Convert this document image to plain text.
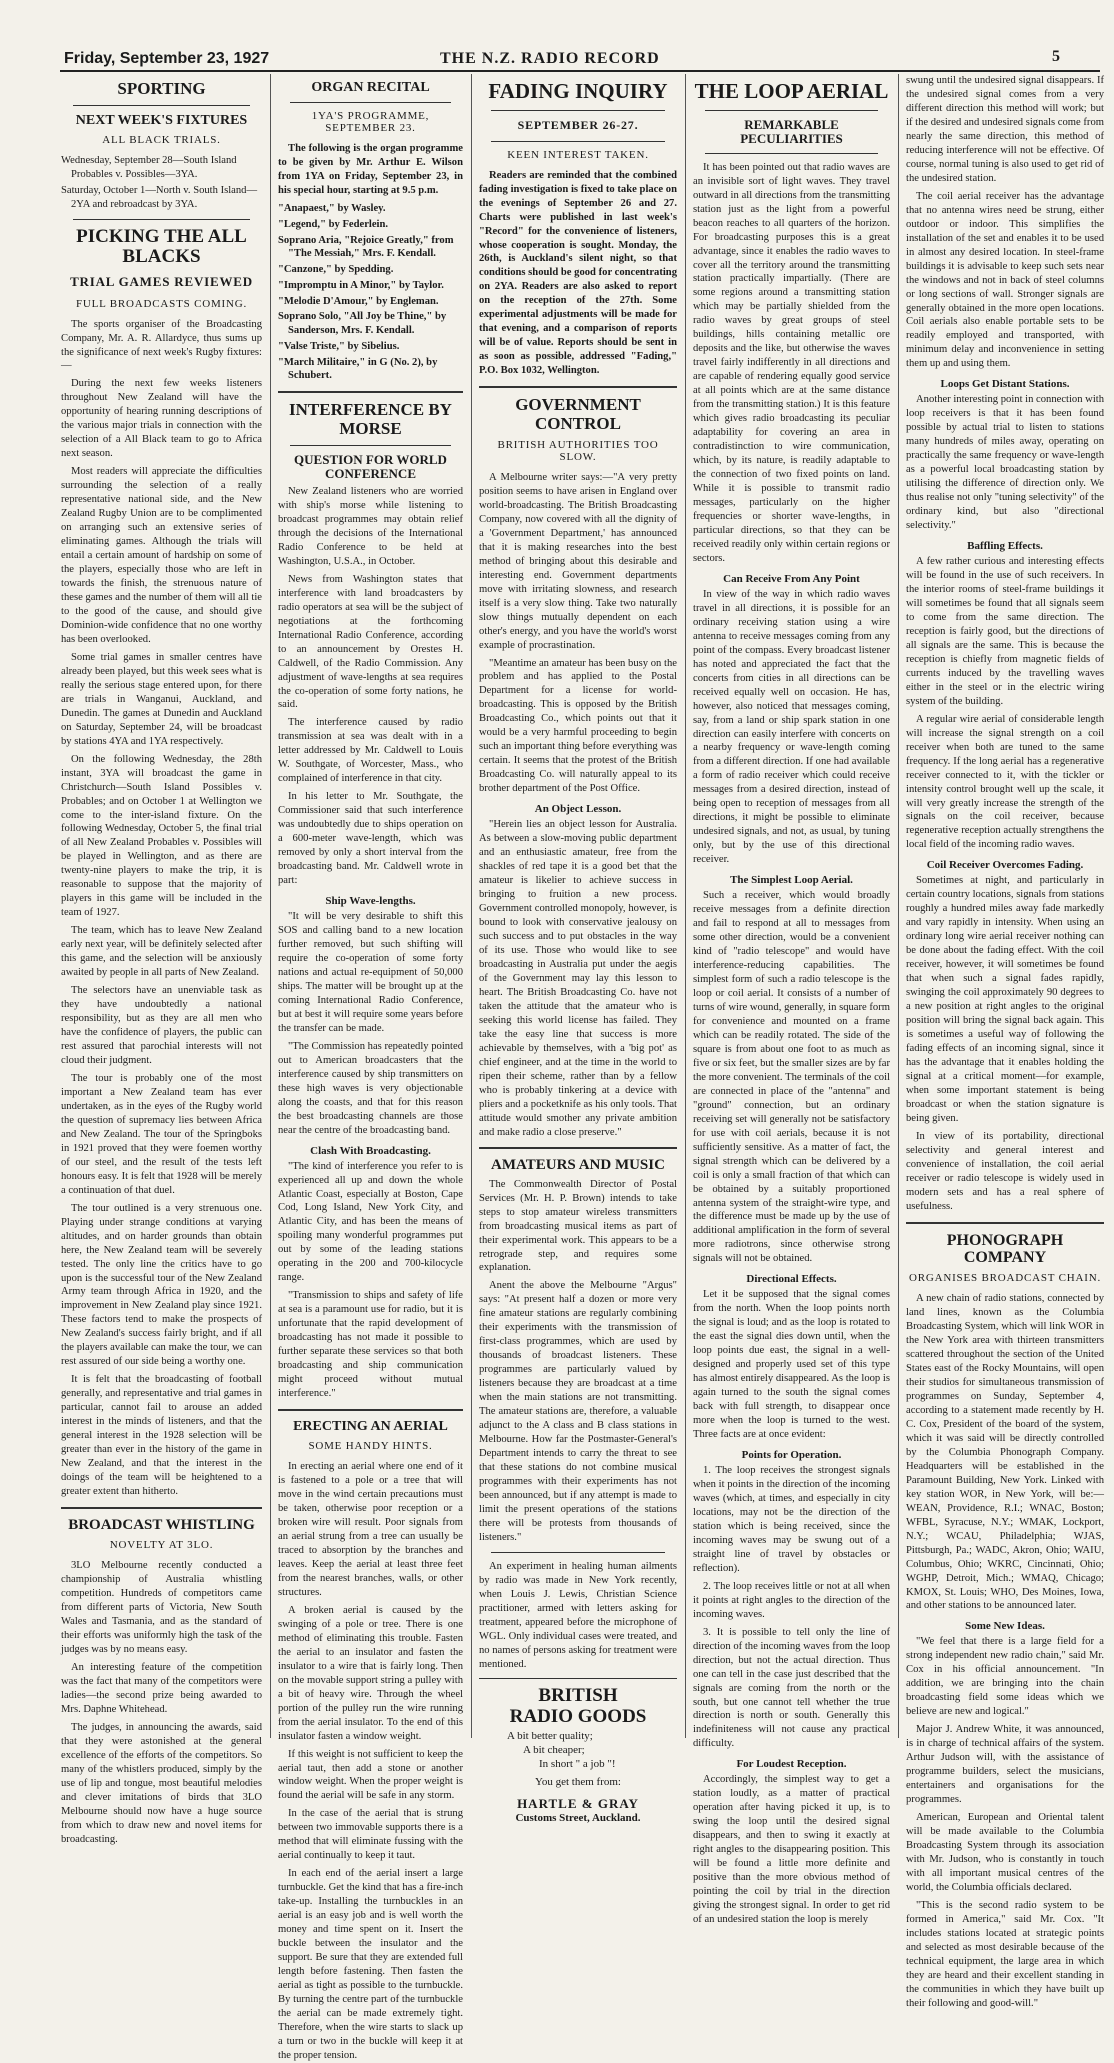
Friday, September 23, 1927	THE N.Z. RADIO RECORD	5
SPORTING
NEXT WEEK'S FIXTURES
ALL BLACK TRIALS.
Wednesday, September 28—South Island Probables v. Possibles—3YA.
Saturday, October 1—North v. South Island—2YA and rebroadcast by 3YA.
PICKING THE ALL BLACKS
TRIAL GAMES REVIEWED
FULL BROADCASTS COMING.

The sports organiser of the Broadcasting Company, Mr. A. R. Allardyce, thus sums up the significance of next week's Rugby fixtures:—

During the next few weeks listeners throughout New Zealand will have the opportunity of hearing running descriptions of the various major trials in connection with the selection of a All Black team to go to Africa next season.

Most readers will appreciate the difficulties surrounding the selection of a really representative national side, and the New Zealand Rugby Union are to be complimented on arranging such an extensive series of eliminating games. Although the trials will entail a certain amount of hardship on some of the players, especially those who are left in towards the finish, the strenuous nature of these games and the number of them will all tie to the good of the cause, and should give Dominion-wide confidence that no one worthy has been overlooked.

Some trial games in smaller centres have already been played, but this week sees what is really the serious stage entered upon, for there are trials in Wanganui, Auckland, and Dunedin. The games at Dunedin and Auckland on Saturday, September 24, will be broadcast by stations 4YA and 1YA respectively.

On the following Wednesday, the 28th instant, 3YA will broadcast the game in Christchurch—South Island Possibles v. Probables; and on October 1 at Wellington we come to the inter-island fixture. On the following Wednesday, October 5, the final trial of all New Zealand Probables v. Possibles will be played in Wellington, and as there are twenty-nine players to make the trip, it is reasonable to suppose that the majority of players in this game will be included in the team of 1927.

The team, which has to leave New Zealand early next year, will be definitely selected after this game, and the selection will be anxiously awaited by people in all parts of New Zealand.

The selectors have an unenviable task as they have undoubtedly a national responsibility, but as they are all men who have the confidence of players, the public can rest assured that parochial interests will not cloud their judgment.

The tour is probably one of the most important a New Zealand team has ever undertaken, as in the eyes of the Rugby world the question of supremacy lies between Africa and New Zealand. The tour of the Springboks in 1921 proved that they were foemen worthy of our steel, and the result of the tests left honours easy. It is felt that 1928 will be merely a continuation of that duel.

The tour outlined is a very strenuous one. Playing under strange conditions at varying altitudes, and on harder grounds than obtain here, the New Zealand team will be severely tested. The only line the critics have to go upon is the successful tour of the New Zealand Army team through Africa in 1920, and the improvement in New Zealand play since 1921. These factors tend to make the prospects of New Zealand's success fairly bright, and if all the players available can make the tour, we can rest assured of our side being a worthy one.

It is felt that the broadcasting of football generally, and representative and trial games in particular, cannot fail to arouse an added interest in the minds of listeners, and that the general interest in the 1928 selection will be greater than ever in the history of the game in New Zealand, and that the interest in the doings of the team will be heightened to a greater extent than hitherto.

BROADCAST WHISTLING
NOVELTY AT 3LO.

3LO Melbourne recently conducted a championship of Australia whistling competition. Hundreds of competitors came from different parts of Victoria, New South Wales and Tasmania, and as the standard of their efforts was uniformly high the task of the judges was by no means easy.

An interesting feature of the competition was the fact that many of the competitors were ladies—the second prize being awarded to Mrs. Daphne Whitehead.

The judges, in announcing the awards, said that they were astonished at the general excellence of the efforts of the competitors. So many of the whistlers produced, simply by the use of lip and tongue, most beautiful melodies and clever imitations of birds that 3LO Melbourne should now have a huge source from which to draw new and novel items for broadcasting.

ORGAN RECITAL
1YA'S PROGRAMME, SEPTEMBER 23.

The following is the organ programme to be given by Mr. Arthur E. Wilson from 1YA on Friday, September 23, in his special hour, starting at 9.5 p.m.

"Anapaest," by Wasley.
"Legend," by Federlein.
Soprano Aria, "Rejoice Greatly," from "The Messiah," Mrs. F. Kendall.
"Canzone," by Spedding.
"Impromptu in A Minor," by Taylor.
"Melodie D'Amour," by Engleman.
Soprano Solo, "All Joy be Thine," by Sanderson, Mrs. F. Kendall.
"Valse Triste," by Sibelius.
"March Militaire," in G (No. 2), by Schubert.
INTERFERENCE BY MORSE
QUESTION FOR WORLD CONFERENCE

New Zealand listeners who are worried with ship's morse while listening to broadcast programmes may obtain relief through the decisions of the International Radio Conference to be held at Washington, U.S.A., in October.

News from Washington states that interference with land broadcasters by radio operators at sea will be the subject of negotiations at the forthcoming International Radio Conference, according to an announcement by Orestes H. Caldwell, of the Radio Commission. Any adjustment of wave-lengths at sea requires the co-operation of some forty nations, he said.

The interference caused by radio transmission at sea was dealt with in a letter addressed by Mr. Caldwell to Louis W. Southgate, of Worcester, Mass., who complained of interference in that city.

In his letter to Mr. Southgate, the Commissioner said that such interference was undoubtedly due to ships operation on a 600-meter wave-length, which was removed by only a short interval from the broadcasting band. Mr. Caldwell wrote in part:

Ship Wave-lengths.

"It will be very desirable to shift this SOS and calling band to a new location further removed, but such shifting will require the co-operation of some forty nations and actual re-equipment of 50,000 ships. The matter will be brought up at the coming International Radio Conference, but at best it will require some years before the transfer can be made.

"The Commission has repeatedly pointed out to American broadcasters that the interference caused by ship transmitters on these high waves is very objectionable along the coasts, and that for this reason the best broadcasting channels are those near the centre of the broadcasting band.

Clash With Broadcasting.

"The kind of interference you refer to is experienced all up and down the whole Atlantic Coast, especially at Boston, Cape Cod, Long Island, New York City, and Atlantic City, and has been the means of spoiling many wonderful programmes put out by some of the leading stations operating in the 200 and 700-kilocycle range.

"Transmission to ships and safety of life at sea is a paramount use for radio, but it is unfortunate that the rapid development of broadcasting has not made it possible to further separate these services so that both broadcasting and ship communication might proceed without mutual interference."

ERECTING AN AERIAL
SOME HANDY HINTS.

In erecting an aerial where one end of it is fastened to a pole or a tree that will move in the wind certain precautions must be taken, otherwise poor reception or a broken wire will result. Poor signals from an aerial strung from a tree can usually be traced to absorption by the branches and leaves. Keep the aerial at least three feet from the nearest branches, walls, or other structures.

A broken aerial is caused by the swinging of a pole or tree. There is one method of eliminating this trouble. Fasten the aerial to an insulator and fasten the insulator to a wire that is fairly long. Then on the movable support string a pulley with a bit of heavy wire. Through the wheel portion of the pulley run the wire running from the aerial insulator. To the end of this insulator fasten a window weight.

If this weight is not sufficient to keep the aerial taut, then add a stone or another window weight. When the proper weight is found the aerial will be safe in any storm.

In the case of the aerial that is strung between two immovable supports there is a method that will eliminate fussing with the aerial continually to keep it taut.

In each end of the aerial insert a large turnbuckle. Get the kind that has a fire-inch take-up. Installing the turnbuckles in an aerial is an easy job and is well worth the money and time spent on it. Insert the buckle between the insulator and the support. Be sure that they are extended full length before fastening. Then fasten the aerial as tight as possible to the turnbuckle. By turning the centre part of the turnbuckle the aerial can be made extremely tight. Therefore, when the wire starts to slack up a turn or two in the buckle will keep it at the proper tension.

FADING INQUIRY
SEPTEMBER 26-27.
KEEN INTEREST TAKEN.

Readers are reminded that the combined fading investigation is fixed to take place on the evenings of September 26 and 27. Charts were published in last week's "Record" for the convenience of listeners, whose cooperation is sought. Monday, the 26th, is Auckland's silent night, so that conditions should be good for concentrating on 2YA. Readers are also asked to report on the reception of the 27th. Some experimental adjustments will be made for that evening, and a comparison of reports will be of value. Reports should be sent in as soon as possible, addressed "Fading," P.O. Box 1032, Wellington.

GOVERNMENT CONTROL
BRITISH AUTHORITIES TOO SLOW.

A Melbourne writer says:—"A very pretty position seems to have arisen in England over world-broadcasting. The British Broadcasting Company, now covered with all the dignity of a 'Government Department,' has announced that it is making researches into the best method of bringing about this desirable and interesting end. Government departments move with irritating slowness, and research itself is a very slow thing. Take two naturally slow things mutually dependent on each other's energy, and you have the world's worst example of procrastination.

"Meantime an amateur has been busy on the problem and has applied to the Postal Department for a license for world-broadcasting. This is opposed by the British Broadcasting Co., which points out that it would be a very harmful proceeding to begin such an important thing before everything was certain. It seems that the protest of the British Broadcasting Co. will naturally appeal to its brother department of the Post Office.

An Object Lesson.

"Herein lies an object lesson for Australia. As between a slow-moving public department and an enthusiastic amateur, free from the shackles of red tape it is a good bet that the amateur is likelier to achieve success in bringing to fruition a new process. Government controlled monopoly, however, is bound to look with conservative jealousy on such success and to put obstacles in the way of its use. Those who would like to see broadcasting in Australia put under the aegis of the Government may lay this lesson to heart. The British Broadcasting Co. have not taken the attitude that the amateur who is seeking this world license has failed. They take the easy line that success is more achievable by themselves, with a 'big pot' as chief engineer, and at the time in the world to ripen their scheme, rather than by a fellow who is probably tinkering at a device with pliers and a pocketknife as his only tools. That attitude would smother any private ambition and make radio a close preserve."

AMATEURS AND MUSIC

The Commonwealth Director of Postal Services (Mr. H. P. Brown) intends to take steps to stop amateur wireless transmitters from broadcasting musical items as part of their experimental work. This appears to be a retrograde step, and requires some explanation.

Anent the above the Melbourne "Argus" says: "At present half a dozen or more very fine amateur stations are regularly combining their experiments with the transmission of first-class programmes, which are used by thousands of broadcast listeners. These programmes are particularly valued by listeners because they are broadcast at a time when the main stations are not transmitting. The amateur stations are, therefore, a valuable adjunct to the A class and B class stations in Melbourne. How far the Postmaster-General's Department intends to carry the threat to see that these stations do not combine musical programmes with their experiments has not been announced, but if any attempt is made to limit the present operations of the stations there will be protests from thousands of listeners."

An experiment in healing human ailments by radio was made in New York recently, when Louis J. Lewis, Christian Science practitioner, armed with letters asking for treatment, appeared before the microphone of WGL. Only individual cases were treated, and no names of persons asking for treatment were mentioned.

BRITISH
RADIO GOODS
A bit better quality;
A bit cheaper;
In short " a job "!
You get them from:
HARTLE & GRAY
Customs Street, Auckland.
THE LOOP AERIAL
REMARKABLE PECULIARITIES

It has been pointed out that radio waves are an invisible sort of light waves. They travel outward in all directions from the transmitting station just as the light from a powerful beacon reaches to all quarters of the horizon. For broadcasting purposes this is a great advantage, since it enables the radio waves to cover all the territory around the transmitting station practically impartially. (There are some regions around a transmitting station which may be partially shielded from the radio waves by great groups of steel buildings, hills containing metallic ore deposits and the like, but otherwise the waves travel fairly indifferently in all directions and are capable of rendering equally good service at all points which are at the same distance from the transmitting station.) It is this feature which gives radio broadcasting its peculiar adaptability for covering an area in contradistinction to wire communication, which, by its nature, is readily adaptable to the connection of two fixed points on land. While it is possible to transmit radio messages, particularly on the higher frequencies or shorter wave-lengths, in particular directions, so that they can be received readily only within certain regions or sectors.

Can Receive From Any Point

In view of the way in which radio waves travel in all directions, it is possible for an ordinary receiving station using a wire antenna to receive messages coming from any point of the compass. Every broadcast listener has noted and appreciated the fact that the concerts from cities in all directions can be received equally well on occasion. He has, however, also noticed that messages coming, say, from a land or ship spark station in one direction can easily interfere with concerts on a nearby frequency or wave-length coming from a different direction. If one had available a form of radio receiver which could receive messages from a desired direction, instead of being open to reception of messages from all directions, it might be possible to eliminate undesired signals, and not, as usual, by tuning only, but by the use of this directional receiver.

The Simplest Loop Aerial.

Such a receiver, which would broadly receive messages from a definite direction and fail to respond at all to messages from some other direction, would be a convenient kind of "radio telescope" and would have interference-reducing capabilities. The simplest form of such a radio telescope is the loop or coil aerial. It consists of a number of turns of wire wound, generally, in square form for convenience and mounted on a frame which can be readily rotated. The side of the square is from about one foot to as much as five or six feet, but the smaller sizes are by far the more convenient. The terminals of the coil are connected in place of the "antenna" and "ground" connection, but an ordinary receiving set will generally not be satisfactory for use with coil aerials, because it is not sufficiently sensitive. As a matter of fact, the signal strength which can be delivered by a coil is only a small fraction of that which can be obtained by a suitably proportioned antenna system of the straight-wire type, and the difference must be made up by the use of additional amplification in the form of several more radiotrons, since otherwise strong signals will not be obtained.

Directional Effects.

Let it be supposed that the signal comes from the north. When the loop points north the signal is loud; and as the loop is rotated to the east the signal dies down until, when the loop points due east, the signal in a well-designed and properly used set of this type has almost entirely disappeared. As the loop is again turned to the south the signal comes back with full strength, to disappear once more when the loop is turned to the west. Three facts are at once evident:

Points for Operation.

1. The loop receives the strongest signals when it points in the direction of the incoming waves (which, at times, and especially in city locations, may not be the direction of the station which is being received, since the incoming waves may be swung out of a straight line of travel by obstacles or reflection).

2. The loop receives little or not at all when it points at right angles to the direction of the incoming waves.

3. It is possible to tell only the line of direction of the incoming waves from the loop direction, but not the actual direction. Thus one can tell in the case just described that the signals are coming from the north or the south, but one cannot tell whether the true direction is north or south. Generally this indefiniteness will not cause any practical difficulty.

For Loudest Reception.

Accordingly, the simplest way to get a station loudly, as a matter of practical operation after having picked it up, is to swing the loop until the desired signal disappears, and then to swing it exactly at right angles to the disappearing position. This will be found a little more definite and positive than the more obvious method of pointing the coil by trial in the direction giving the strongest signal. In order to get rid of an undesired station the loop is merely

swung until the undesired signal disappears. If the undesired signal comes from a very different direction this method will work; but if the desired and undesired signals come from nearly the same direction, this method of reducing interference will not be effective. Of course, normal tuning is also used to get rid of the undesired station.

The coil aerial receiver has the advantage that no antenna wires need be strung, either outdoor or indoor. This simplifies the installation of the set and enables it to be used in almost any desired location. In steel-frame buildings it is advisable to keep such sets near the windows and not in back of steel columns or long sections of wall. Stronger signals are generally obtained in the more open locations. Coil aerials also enable portable sets to be readily employed and transported, with minimum delay and inconvenience in setting them up and using them.

Loops Get Distant Stations.

Another interesting point in connection with loop receivers is that it has been found possible by actual trial to listen to stations many hundreds of miles away, operating on practically the same frequency or wave-length as a powerful local broadcasting station by utilising the difference of direction only. We thus realise not only "tuning selectivity" of the ordinary kind, but also "directional selectivity."

Baffling Effects.

A few rather curious and interesting effects will be found in the use of such receivers. In the interior rooms of steel-frame buildings it will sometimes be found that all signals seem to come from the same direction. The reception is fairly good, but the directions of all signals are the same. This is because the reception is chiefly from magnetic fields of currents induced by the travelling waves either in the steel or in the electric wiring system of the building.

A regular wire aerial of considerable length will increase the signal strength on a coil receiver when both are tuned to the same frequency. If the long aerial has a regenerative receiver connected to it, with the tickler or intensity control brought well up the scale, it will very greatly increase the strength of the signals on the coil receiver, because regenerative reception actually strengthens the local field of the incoming radio waves.

Coil Receiver Overcomes Fading.

Sometimes at night, and particularly in certain country locations, signals from stations roughly a hundred miles away fade markedly and vary rapidly in intensity. When using an ordinary long wire aerial receiver nothing can be done about the fading effect. With the coil receiver, however, it will sometimes be found that when such a signal fades rapidly, swinging the coil approximately 90 degrees to a new position at right angles to the original position will bring the signal back again. This is sometimes a useful way of following the fading effects of an incoming signal, since it has the advantage that it enables holding the signal at a critical moment—for example, when some important statement is being broadcast or when the station signature is being given.

In view of its portability, directional selectivity and general interest and convenience of installation, the coil aerial receiver or radio telescope is widely used in modern sets and has a real sphere of usefulness.

PHONOGRAPH COMPANY
ORGANISES BROADCAST CHAIN.

A new chain of radio stations, connected by land lines, known as the Columbia Broadcasting System, which will link WOR in the New York area with thirteen transmitters scattered throughout the section of the United States east of the Rocky Mountains, will open their studios for simultaneous transmission of programmes on Sunday, September 4, according to a statement made recently by H. C. Cox, President of the board of the system, which it was said will be directly controlled by the Columbia Phonograph Company. Headquarters will be established in the Paramount Building, New York. Linked with key station WOR, in New York, will be:—WEAN, Providence, R.I.; WNAC, Boston; WFBL, Syracuse, N.Y.; WMAK, Lockport, N.Y.; WCAU, Philadelphia; WJAS, Pittsburgh, Pa.; WADC, Akron, Ohio; WAIU, Columbus, Ohio; WKRC, Cincinnati, Ohio; WGHP, Detroit, Mich.; WMAQ, Chicago; KMOX, St. Louis; WHO, Des Moines, Iowa, and other stations to be announced later.

Some New Ideas.

"We feel that there is a large field for a strong independent new radio chain," said Mr. Cox in his official announcement. "In addition, we are bringing into the chain broadcasting field some ideas which we believe are new and logical."

Major J. Andrew White, it was announced, is in charge of technical affairs of the system. Arthur Judson will, with the assistance of programme builders, select the musicians, entertainers and organisations for the programmes.

American, European and Oriental talent will be made available to the Columbia Broadcasting System through its association with Mr. Judson, who is constantly in touch with all important musical centres of the world, the Columbia officials declared.

"This is the second radio system to be formed in America," said Mr. Cox. "It includes stations located at strategic points and selected as most desirable because of the technical equipment, the large area in which they are heard and their excellent standing in the communities in which they have built up their following and good-will."
